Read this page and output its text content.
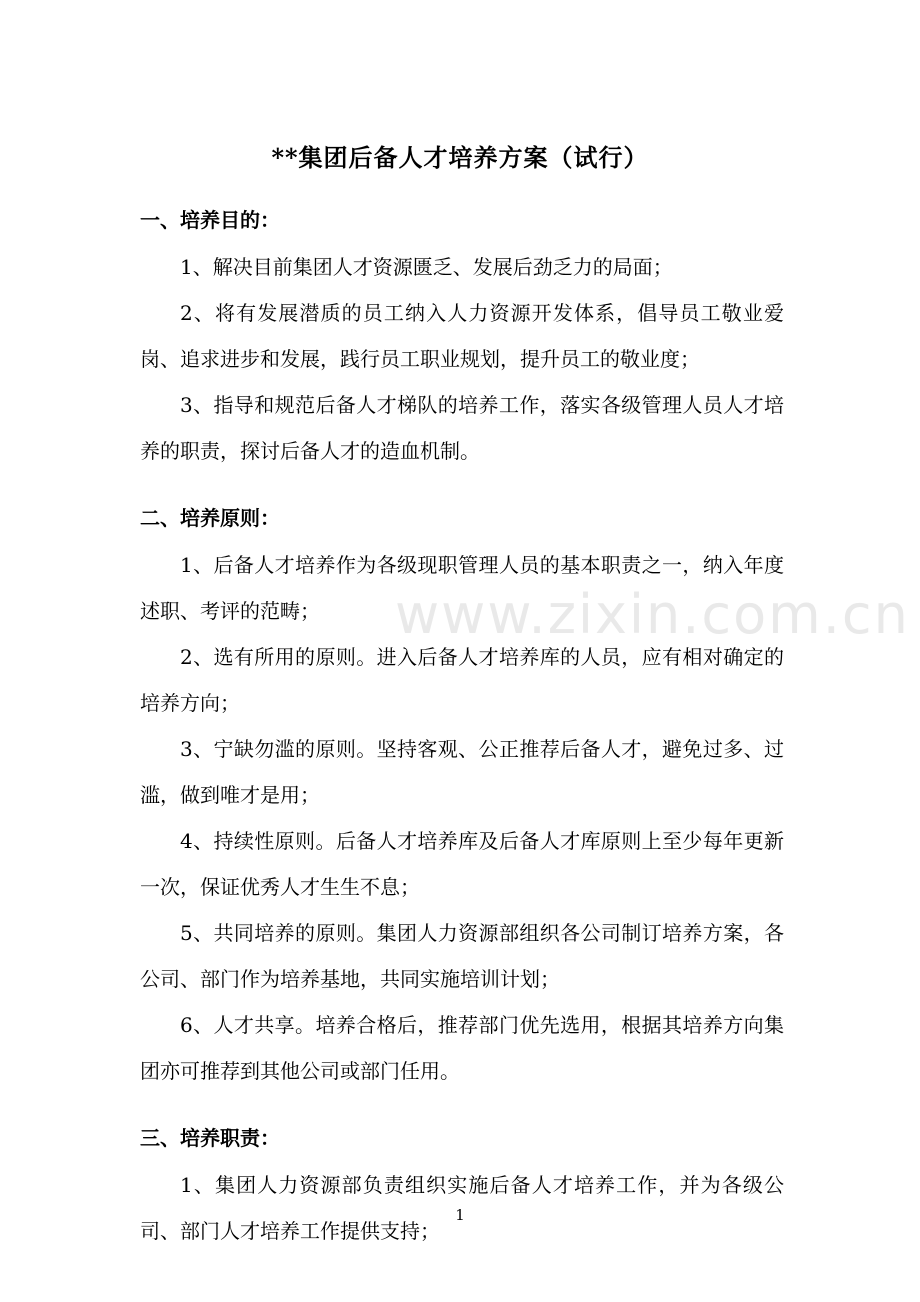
www.zixin.com.cn
**集团后备人才培养方案（试行）
一、培养目的：

1、解决目前集团人才资源匮乏、发展后劲乏力的局面；

2、将有发展潜质的员工纳入人力资源开发体系，倡导员工敬业爱岗、追求进步和发展，践行员工职业规划，提升员工的敬业度；

3、指导和规范后备人才梯队的培养工作，落实各级管理人员人才培养的职责，探讨后备人才的造血机制。

二、培养原则：

1、后备人才培养作为各级现职管理人员的基本职责之一，纳入年度述职、考评的范畴；

2、选有所用的原则。进入后备人才培养库的人员，应有相对确定的培养方向；

3、宁缺勿滥的原则。坚持客观、公正推荐后备人才，避免过多、过滥，做到唯才是用；

4、持续性原则。后备人才培养库及后备人才库原则上至少每年更新一次，保证优秀人才生生不息；

5、共同培养的原则。集团人力资源部组织各公司制订培养方案，各公司、部门作为培养基地，共同实施培训计划；

6、人才共享。培养合格后，推荐部门优先选用，根据其培养方向集团亦可推荐到其他公司或部门任用。

三、培养职责：

1、集团人力资源部负责组织实施后备人才培养工作，并为各级公司、部门人才培养工作提供支持；

1
